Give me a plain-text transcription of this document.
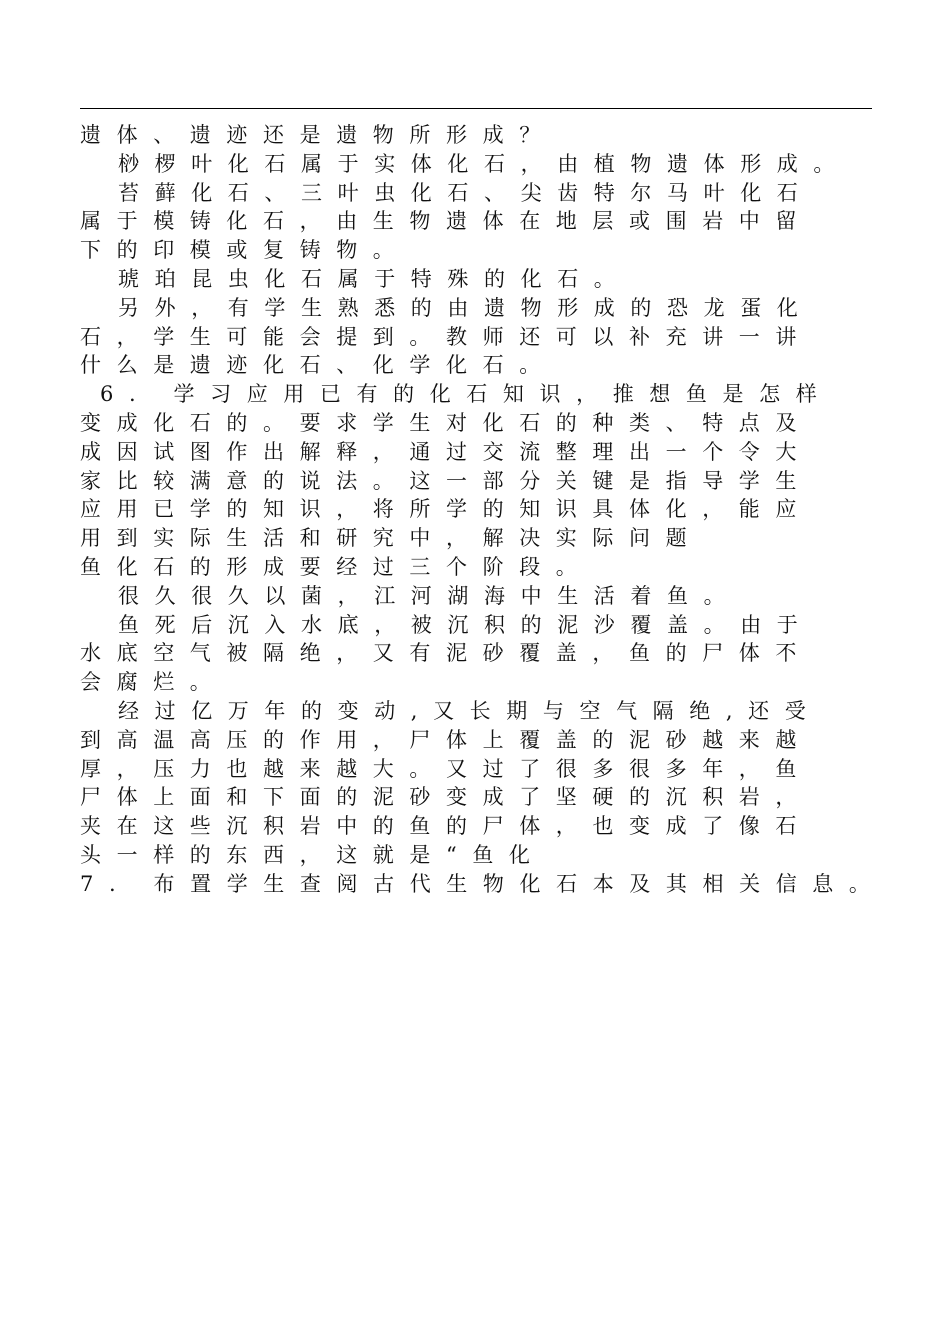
遗体、遗迹还是遗物所形成？
桫椤叶化石属于实体化石，由植物遗体形成。
苔藓化石、三叶虫化石、尖齿特尔马叶化石
属于模铸化石，由生物遗体在地层或围岩中留
下的印模或复铸物。
琥珀昆虫化石属于特殊的化石。
另外，有学生熟悉的由遗物形成的恐龙蛋化
石，学生可能会提到。教师还可以补充讲一讲
什么是遗迹化石、化学化石。
6. 学习应用已有的化石知识，推想鱼是怎样
变成化石的。要求学生对化石的种类、特点及
成因试图作出解释，通过交流整理出一个令大
家比较满意的说法。这一部分关键是指导学生
应用已学的知识，将所学的知识具体化，能应
用到实际生活和研究中，解决实际问题
鱼化石的形成要经过三个阶段。
很久很久以菌，江河湖海中生活着鱼。
鱼死后沉入水底，被沉积的泥沙覆盖。由于
水底空气被隔绝，又有泥砂覆盖，鱼的尸体不
会腐烂。
经过亿万年的变动,又长期与空气隔绝,还受
到高温高压的作用，尸体上覆盖的泥砂越来越
厚，压力也越来越大。又过了很多很多年，鱼
尸体上面和下面的泥砂变成了坚硬的沉积岩，
夹在这些沉积岩中的鱼的尸体，也变成了像石
头一样的东西，这就是“鱼化
7. 布置学生查阅古代生物化石本及其相关信息。
